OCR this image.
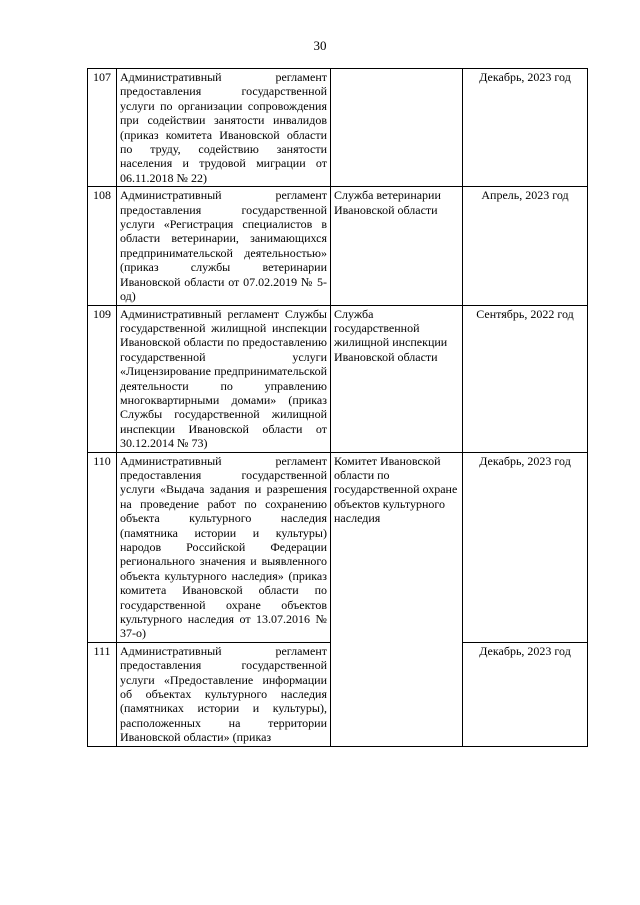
30
107	Административный регламент предоставления государственной услуги по организации сопровождения при содействии занятости инвалидов (приказ комитета Ивановской области по труду, содействию занятости населения и трудовой миграции от 06.11.2018 № 22)		Декабрь, 2023 год
108	Административный регламент предоставления государственной услуги «Регистрация специалистов в области ветеринарии, занимающихся предпринимательской деятельностью» (приказ службы ветеринарии Ивановской области от 07.02.2019 № 5-од)	Служба ветеринарии Ивановской области	Апрель, 2023 год
109	Административный регламент Службы государственной жилищной инспекции Ивановской области по предоставлению государственной услуги «Лицензирование предпринимательской деятельности по управлению многоквартирными домами» (приказ Службы государственной жилищной инспекции Ивановской области от 30.12.2014 № 73)	Служба государственной жилищной инспекции Ивановской области	Сентябрь, 2022 год
110	Административный регламент предоставления государственной услуги «Выдача задания и разрешения на проведение работ по сохранению объекта культурного наследия (памятника истории и культуры) народов Российской Федерации регионального значения и выявленного объекта культурного наследия» (приказ комитета Ивановской области по государственной охране объектов культурного наследия от 13.07.2016 № 37-о)	Комитет Ивановской области по государственной охране объектов культурного наследия	Декабрь, 2023 год
111	Административный регламент предоставления государственной услуги «Предоставление информации об объектах культурного наследия (памятниках истории и культуры), расположенных на территории Ивановской области» (приказ		Декабрь, 2023 год
